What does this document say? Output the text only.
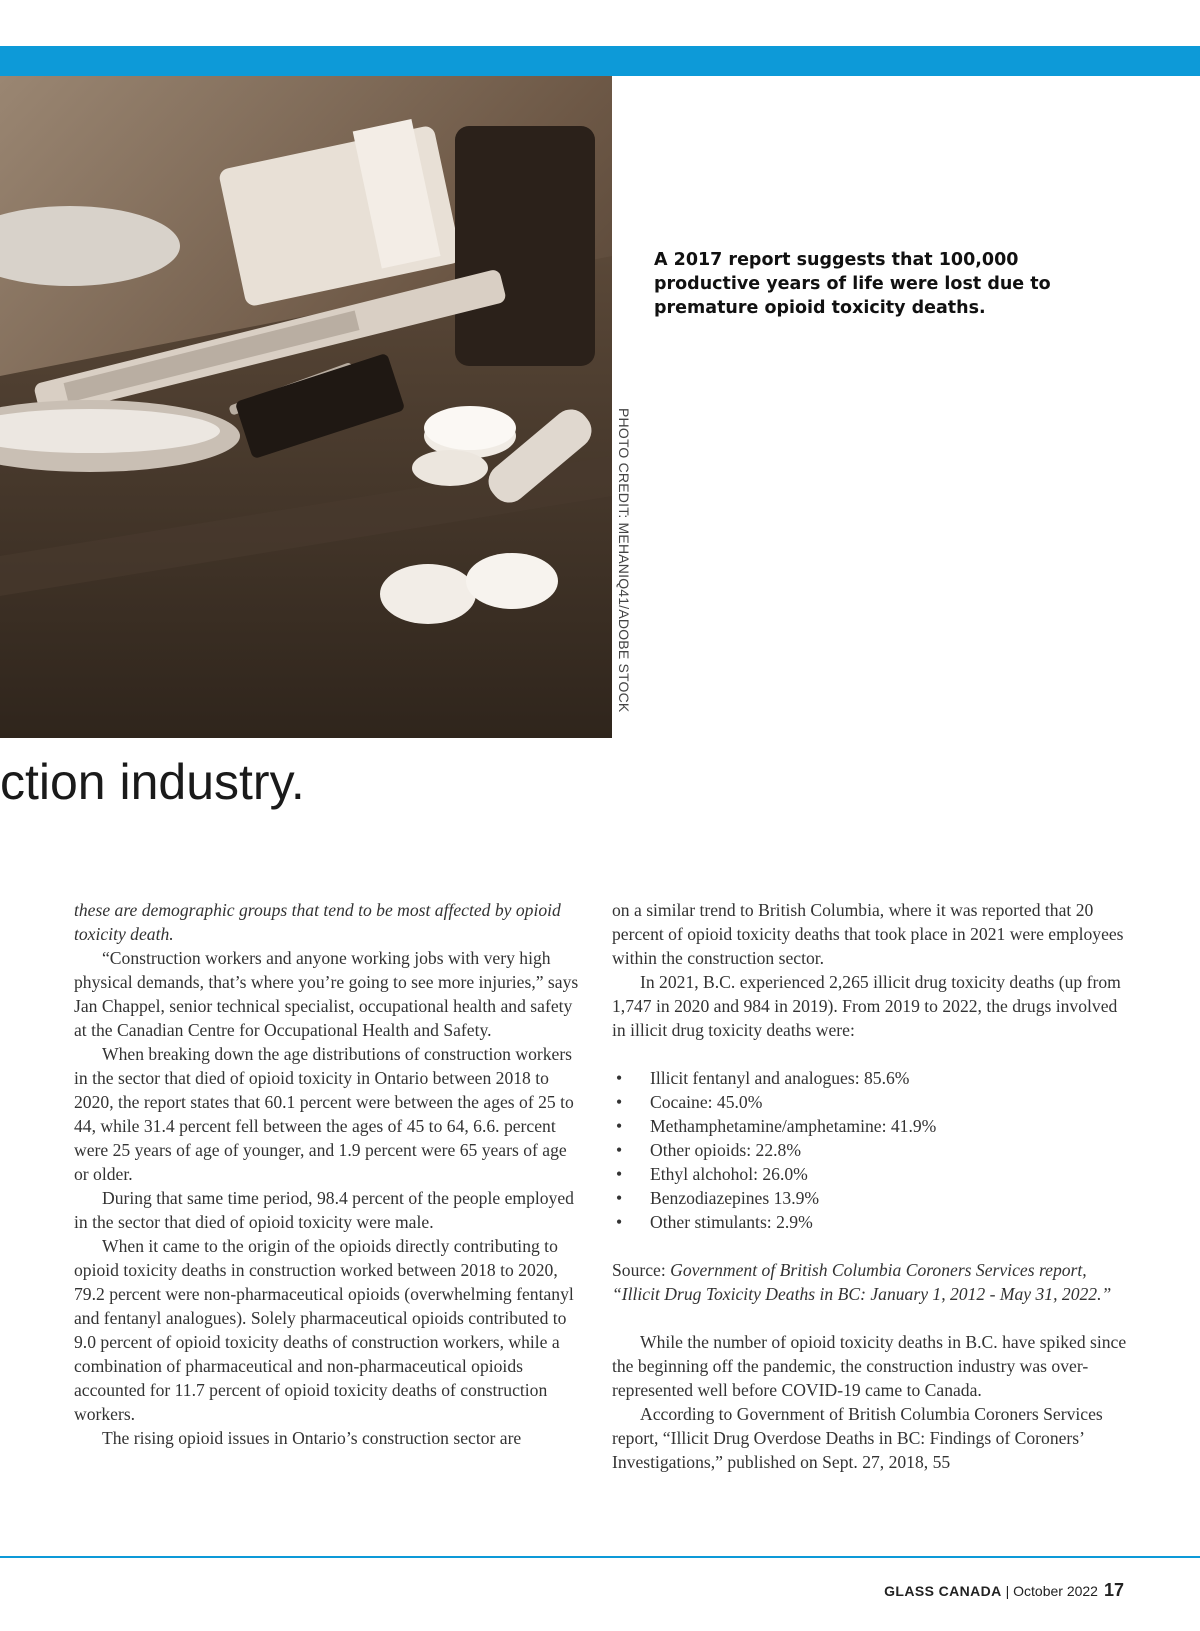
PHOTO CREDIT: MEHANIQ41/ADOBE STOCK
A 2017 report suggests that 100,000 productive years of life were lost due to premature opioid toxicity deaths.
ction industry.

these are demographic groups that tend to be most affected by opioid toxicity death.

“Construction workers and anyone working jobs with very high physical demands, that’s where you’re going to see more injuries,” says Jan Chappel, senior technical specialist, occupational health and safety at the Canadian Centre for Occupational Health and Safety.

When breaking down the age distributions of construction workers in the sector that died of opioid toxicity in Ontario between 2018 to 2020, the report states that 60.1 percent were between the ages of 25 to 44, while 31.4 percent fell between the ages of 45 to 64, 6.6. percent were 25 years of age of younger, and 1.9 percent were 65 years of age or older.

During that same time period, 98.4 percent of the people employed in the sector that died of opioid toxicity were male.

When it came to the origin of the opioids directly contributing to opioid toxicity deaths in construction worked between 2018 to 2020, 79.2 percent were non-pharmaceutical opioids (overwhelming fentanyl and fentanyl analogues). Solely pharmaceutical opioids contributed to 9.0 percent of opioid toxicity deaths of construction workers, while a combination of pharmaceutical and non-pharmaceutical opioids accounted for 11.7 percent of opioid toxicity deaths of construction workers.

The rising opioid issues in Ontario’s construction sector are

on a similar trend to British Columbia, where it was reported that 20 percent of opioid toxicity deaths that took place in 2021 were employees within the construction sector.

In 2021, B.C. experienced 2,265 illicit drug toxicity deaths (up from 1,747 in 2020 and 984 in 2019). From 2019 to 2022, the drugs involved in illicit drug toxicity deaths were:

• Illicit fentanyl and analogues: 85.6%
• Cocaine: 45.0%
• Methamphetamine/amphetamine: 41.9%
• Other opioids: 22.8%
• Ethyl alchohol: 26.0%
• Benzodiazepines 13.9%
• Other stimulants: 2.9%

Source: Government of British Columbia Coroners Services report, “Illicit Drug Toxicity Deaths in BC: January 1, 2012 - May 31, 2022.”

While the number of opioid toxicity deaths in B.C. have spiked since the beginning off the pandemic, the construction industry was over-represented well before COVID-19 came to Canada.

According to Government of British Columbia Coroners Services report, “Illicit Drug Overdose Deaths in BC: Findings of Coroners’ Investigations,” published on Sept. 27, 2018, 55

GLASS CANADA | October 2022 17
